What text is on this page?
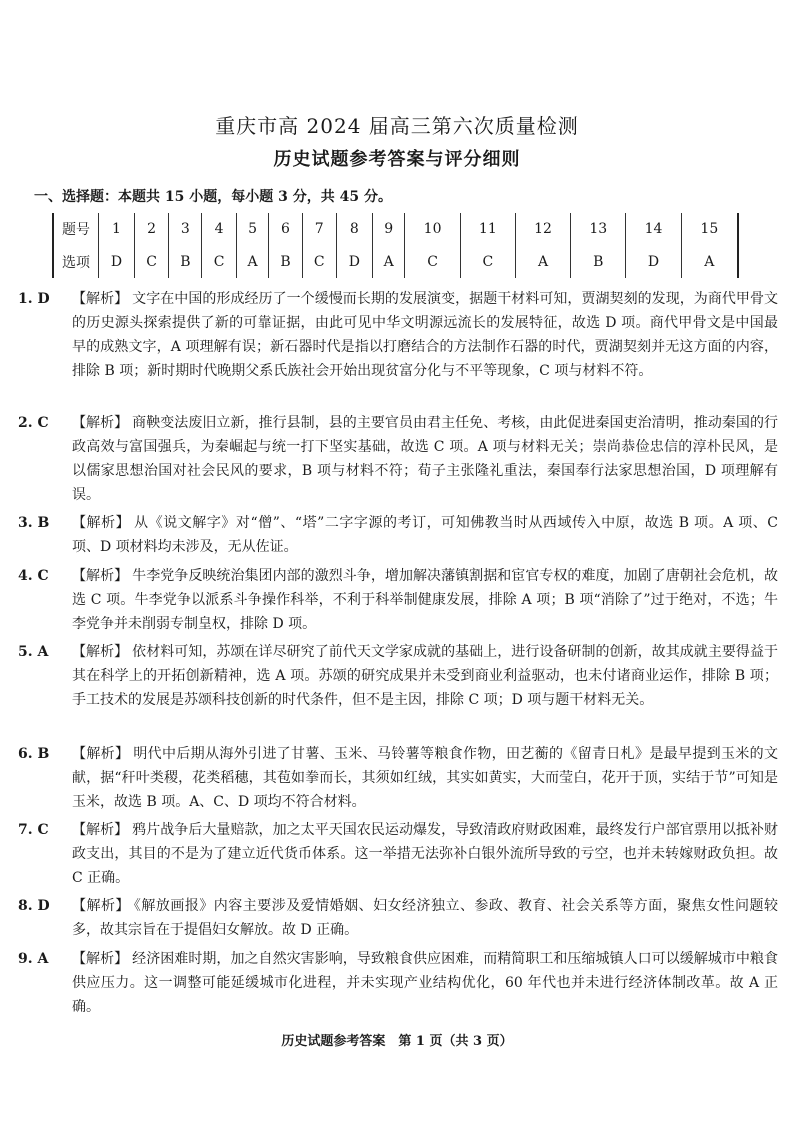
重庆市高 2024 届高三第六次质量检测
历史试题参考答案与评分细则
一、选择题：本题共 15 小题，每小题 3 分，共 45 分。
题号	1	2	3	4	5	6	7	8	9	10	11	12	13	14	15
选项	D	C	B	C	A	B	C	D	A	C	C	A	B	D	A
1. D	【解析】 文字在中国的形成经历了一个缓慢而长期的发展演变，据题干材料可知，贾湖契刻的发现，为商代甲骨文的历史源头探索提供了新的可靠证据，由此可见中华文明源远流长的发展特征，故选 D 项。商代甲骨文是中国最早的成熟文字，A 项理解有误；新石器时代是指以打磨结合的方法制作石器的时代，贾湖契刻并无这方面的内容，排除 B 项；新时期时代晚期父系氏族社会开始出现贫富分化与不平等现象，C 项与材料不符。
2. C	【解析】 商鞅变法废旧立新，推行县制，县的主要官员由君主任免、考核，由此促进秦国吏治清明，推动秦国的行政高效与富国强兵，为秦崛起与统一打下坚实基础，故选 C 项。A 项与材料无关；崇尚恭俭忠信的淳朴民风，是以儒家思想治国对社会民风的要求，B 项与材料不符；荀子主张隆礼重法，秦国奉行法家思想治国，D 项理解有误。
3. B	【解析】 从《说文解字》对“僧”、“塔”二字字源的考订，可知佛教当时从西域传入中原，故选 B 项。A 项、C 项、D 项材料均未涉及，无从佐证。
4. C	【解析】 牛李党争反映统治集团内部的激烈斗争，增加解决藩镇割据和宦官专权的难度，加剧了唐朝社会危机，故选 C 项。牛李党争以派系斗争操作科举，不利于科举制健康发展，排除 A 项；B 项“消除了”过于绝对，不选；牛李党争并未削弱专制皇权，排除 D 项。
5. A	【解析】 依材料可知，苏颂在详尽研究了前代天文学家成就的基础上，进行设备研制的创新，故其成就主要得益于其在科学上的开拓创新精神，选 A 项。苏颂的研究成果并未受到商业利益驱动，也未付诸商业运作，排除 B 项；手工技术的发展是苏颂科技创新的时代条件，但不是主因，排除 C 项；D 项与题干材料无关。
6. B	【解析】 明代中后期从海外引进了甘薯、玉米、马铃薯等粮食作物，田艺蘅的《留青日札》是最早提到玉米的文献，据“秆叶类稷，花类稻穗，其苞如拳而长，其须如红绒，其实如黄实，大而莹白，花开于顶，实结于节”可知是玉米，故选 B 项。A、C、D 项均不符合材料。
7. C	【解析】 鸦片战争后大量赔款，加之太平天国农民运动爆发，导致清政府财政困难，最终发行户部官票用以抵补财政支出，其目的不是为了建立近代货币体系。这一举措无法弥补白银外流所导致的亏空，也并未转嫁财政负担。故 C 正确。
8. D	【解析】 《解放画报》内容主要涉及爱情婚姻、妇女经济独立、参政、教育、社会关系等方面，聚焦女性问题较多，故其宗旨在于提倡妇女解放。故 D 正确。
9. A	【解析】 经济困难时期，加之自然灾害影响，导致粮食供应困难，而精简职工和压缩城镇人口可以缓解城市中粮食供应压力。这一调整可能延缓城市化进程，并未实现产业结构优化，60 年代也并未进行经济体制改革。故 A 正确。
历史试题参考答案　第 1 页（共 3 页）
